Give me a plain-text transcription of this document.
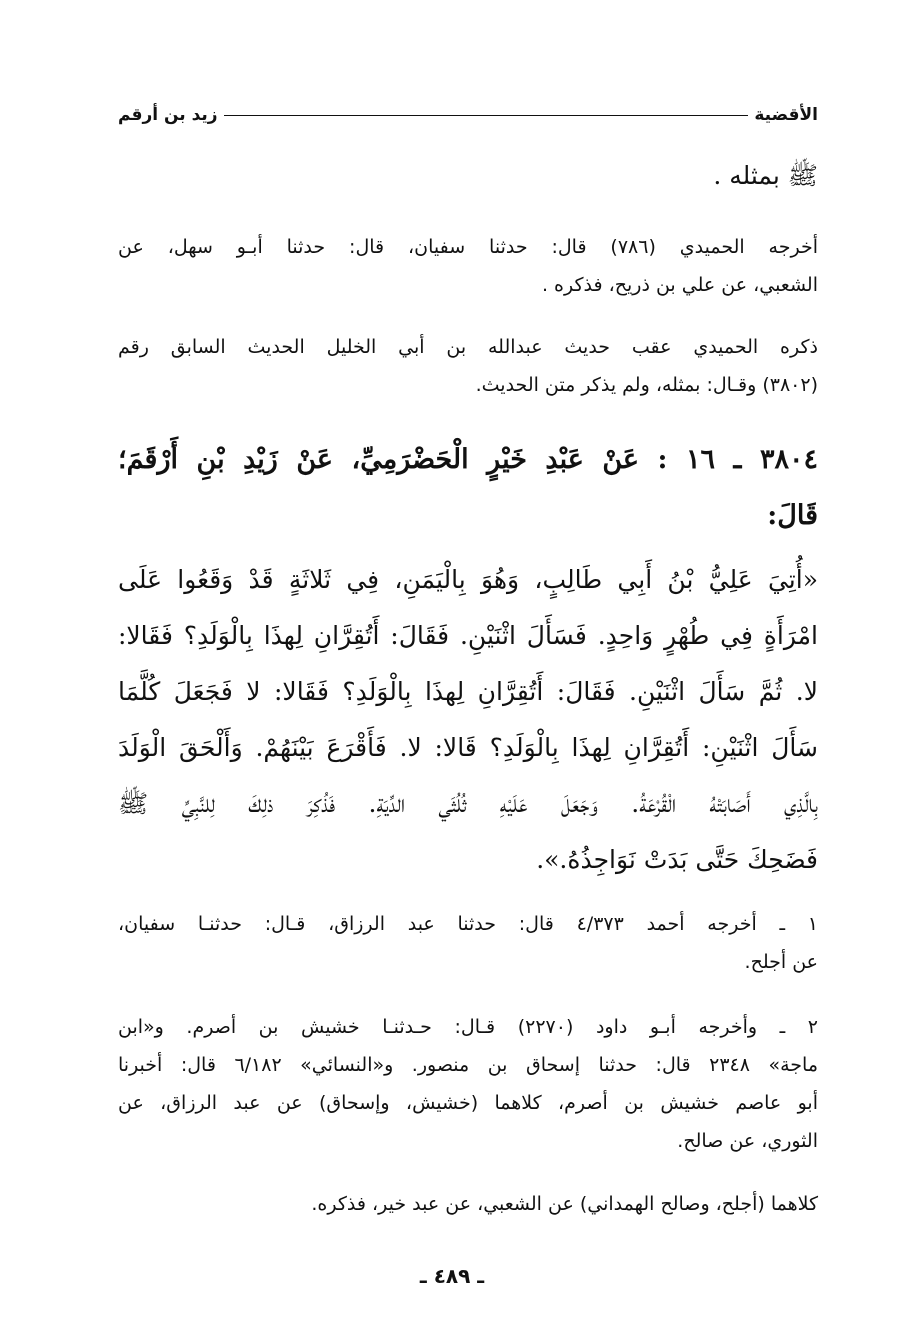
الأقضية
زيد بن أرقم
ﷺ بمثله .
أخرجه الحميدي (٧٨٦) قال: حدثنا سفيان، قال: حدثنا أبـو سهل، عن
الشعبي، عن علي بن ذريح، فذكره .
ذكره الحميدي عقب حديث عبدالله بن أبي الخليل الحديث السابق رقم
(٣٨٠٢) وقـال: بمثله، ولم يذكر متن الحديث.
٣٨٠٤ ـ ١٦ : عَنْ عَبْدِ خَيْرٍ الْحَضْرَمِيِّ، عَنْ زَيْدِ بْنِ أَرْقَمَ؛
قَالَ:
«أُتِيَ عَلِيُّ بْنُ أَبِي طَالِبٍ، وَهُوَ بِالْيَمَنِ، فِي ثَلاثَةٍ قَدْ وَقَعُوا عَلَى
امْرَأَةٍ فِي طُهْرٍ وَاحِدٍ. فَسَأَلَ اثْنَيْنِ. فَقَالَ: أَتُقِرَّانِ لِهذَا بِالْوَلَدِ؟ فَقَالا:
لا. ثُمَّ سَأَلَ اثْنَيْنِ. فَقَالَ: أَتُقِرَّانِ لِهذَا بِالْوَلَدِ؟ فَقَالا: لا فَجَعَلَ كُلَّمَا
سَأَلَ اثْنَيْنِ: أَتُقِرَّانِ لِهذَا بِالْوَلَدِ؟ قَالا: لا. فَأَقْرَعَ بَيْنَهُمْ. وَأَلْحَقَ الْوَلَدَ
بِالَّذِي أَصَابَتْهُ الْقُرْعَةُ. وَجَعَلَ عَلَيْهِ ثُلُثَي الدِّيَةِ. فَذُكِرَ ذلِكَ لِلنَّبِيِّ ﷺ
فَضَحِكَ حَتَّى بَدَتْ نَوَاجِذُهُ.».
١ ـ أخرجه أحمد ٤/٣٧٣ قال: حدثنا عبد الرزاق، قـال: حدثنـا سفيان،
عن أجلح.
٢ ـ وأخرجه أبـو داود (٢٢٧٠) قـال: حـدثنـا خشيش بن أصرم. و«ابن
ماجة» ٢٣٤٨ قال: حدثنا إسحاق بن منصور. و«النسائي» ٦/١٨٢ قال: أخبرنا
أبو عاصم خشيش بن أصرم، كلاهما (خشيش، وإسحاق) عن عبد الرزاق، عن
الثوري، عن صالح.
كلاهما (أجلح، وصالح الهمداني) عن الشعبي، عن عبد خير، فذكره.
ـ ٤٨٩ ـ
